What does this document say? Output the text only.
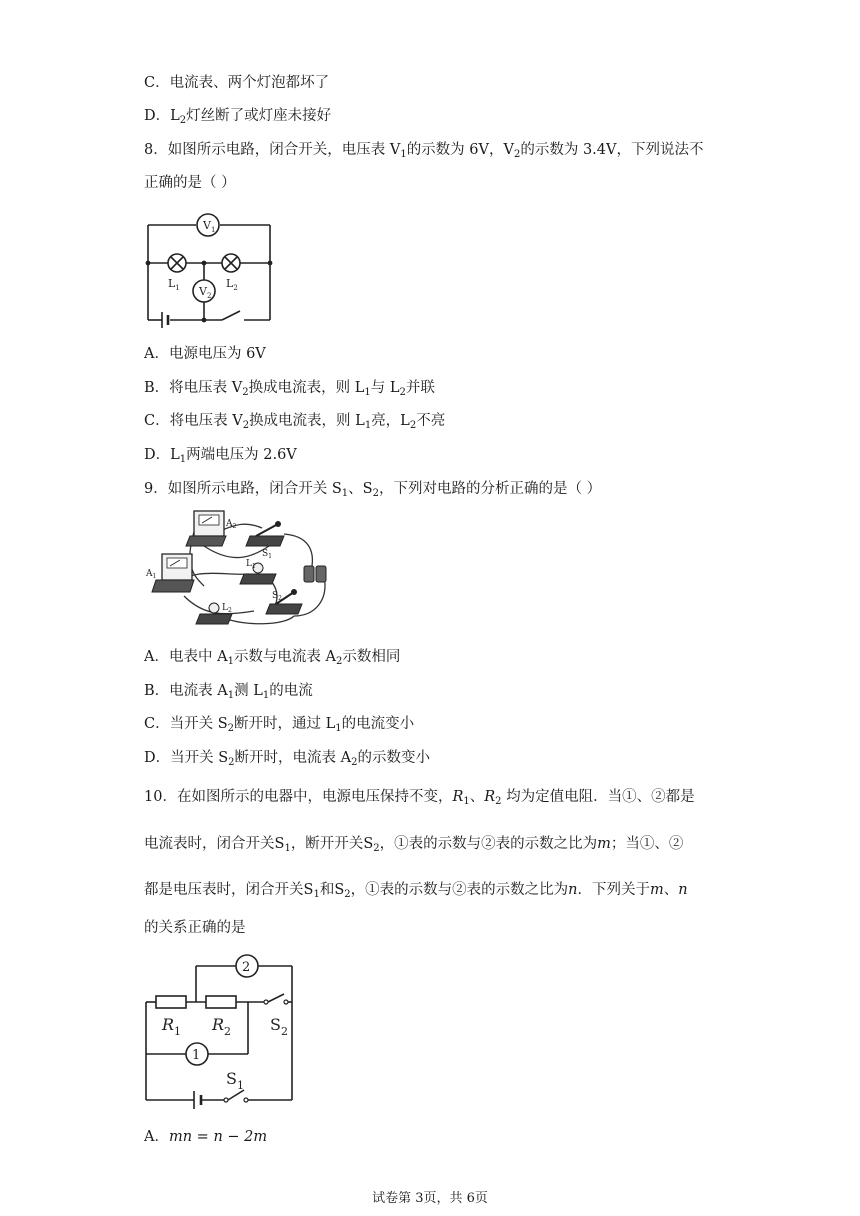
C．电流表、两个灯泡都坏了
D．$L_2$灯丝断了或灯座未接好
8．如图所示电路，闭合开关，电压表 $V_1$的示数为 6V，$V_2$的示数为 3.4V，下列说法不
正确的是（ ）
$V_1$
$V_2$
$L_1$	$L_2$
A．电源电压为 6V
B．将电压表 $V_2$换成电流表，则 $L_1$与 $L_2$并联
C．将电压表 $V_2$换成电流表，则 $L_1$亮，$L_2$不亮
D．$L_1$两端电压为 2.6V
9．如图所示电路，闭合开关 $S_1$、$S_2$，下列对电路的分析正确的是（ ）
$A_2$
$A_1$
$S_1$
$L_1$
$S_2$
$L_2$
A．电表中 $A_1$示数与电流表 $A_2$示数相同
B．电流表 $A_1$测 $L_1$的电流
C．当开关 $S_2$断开时，通过 $L_1$的电流变小
D．当开关 $S_2$断开时，电流表 $A_2$的示数变小
10．在如图所示的电器中，电源电压保持不变，$R_1$、$R_2$ 均为定值电阻．当①、②都是
电流表时，闭合开关$S_1$，断开开关$S_2$，①表的示数与②表的示数之比为m；当①、②
都是电压表时，闭合开关$S_1$和$S_2$，①表的示数与②表的示数之比为n．下列关于m、n
的关系正确的是
2
1
$R_1$ $R_2$ $S_2$
$S_1$
A．mn = n − 2m
试卷第 3页，共 6页
